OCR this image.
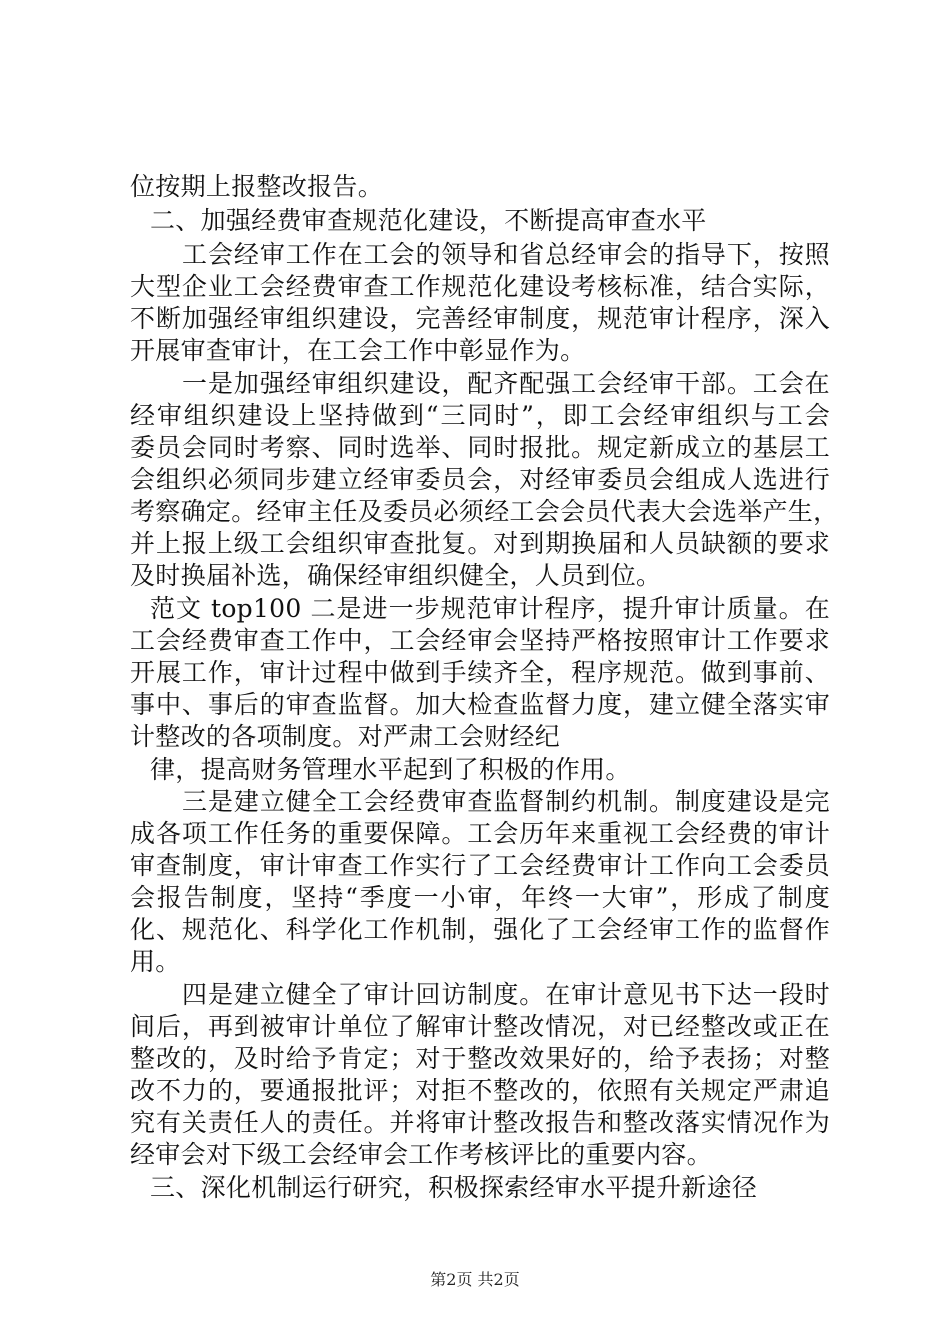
位按期上报整改报告。
二、加强经费审查规范化建设，不断提高审查水平
工会经审工作在工会的领导和省总经审会的指导下，按照
大型企业工会经费审查工作规范化建设考核标准，结合实际，
不断加强经审组织建设，完善经审制度，规范审计程序，深入
开展审查审计，在工会工作中彰显作为。
一是加强经审组织建设，配齐配强工会经审干部。工会在
经审组织建设上坚持做到“三同时”，即工会经审组织与工会
委员会同时考察、同时选举、同时报批。规定新成立的基层工
会组织必须同步建立经审委员会，对经审委员会组成人选进行
考察确定。经审主任及委员必须经工会会员代表大会选举产生，
并上报上级工会组织审查批复。对到期换届和人员缺额的要求
及时换届补选，确保经审组织健全，人员到位。
范文 top100 二是进一步规范审计程序，提升审计质量。在
工会经费审查工作中，工会经审会坚持严格按照审计工作要求
开展工作，审计过程中做到手续齐全，程序规范。做到事前、
事中、事后的审查监督。加大检查监督力度，建立健全落实审
计整改的各项制度。对严肃工会财经纪
律，提高财务管理水平起到了积极的作用。
三是建立健全工会经费审查监督制约机制。制度建设是完
成各项工作任务的重要保障。工会历年来重视工会经费的审计
审查制度，审计审查工作实行了工会经费审计工作向工会委员
会报告制度，坚持“季度一小审，年终一大审”，形成了制度
化、规范化、科学化工作机制，强化了工会经审工作的监督作
用。
四是建立健全了审计回访制度。在审计意见书下达一段时
间后，再到被审计单位了解审计整改情况，对已经整改或正在
整改的，及时给予肯定；对于整改效果好的，给予表扬；对整
改不力的，要通报批评；对拒不整改的，依照有关规定严肃追
究有关责任人的责任。并将审计整改报告和整改落实情况作为
经审会对下级工会经审会工作考核评比的重要内容。
三、深化机制运行研究，积极探索经审水平提升新途径
第2页 共2页
